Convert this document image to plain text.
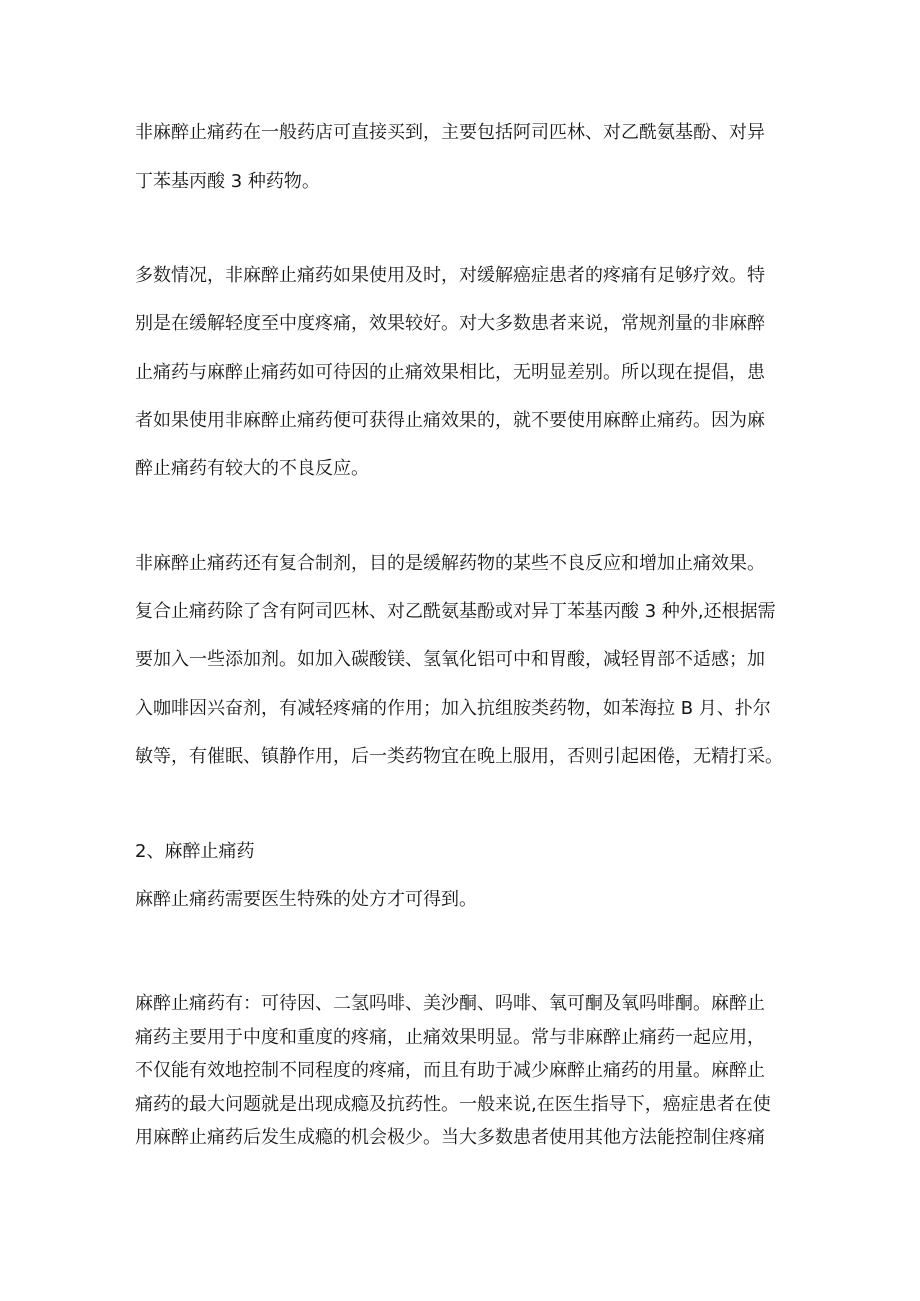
非麻醉止痛药在一般药店可直接买到，主要包括阿司匹林、对乙酰氨基酚、对异
丁苯基丙酸 3 种药物。
多数情况，非麻醉止痛药如果使用及时，对缓解癌症患者的疼痛有足够疗效。特
别是在缓解轻度至中度疼痛，效果较好。对大多数患者来说，常规剂量的非麻醉
止痛药与麻醉止痛药如可待因的止痛效果相比，无明显差别。所以现在提倡，患
者如果使用非麻醉止痛药便可获得止痛效果的，就不要使用麻醉止痛药。因为麻
醉止痛药有较大的不良反应。
非麻醉止痛药还有复合制剂，目的是缓解药物的某些不良反应和增加止痛效果。
复合止痛药除了含有阿司匹林、对乙酰氨基酚或对异丁苯基丙酸 3 种外,还根据需
要加入一些添加剂。如加入碳酸镁、氢氧化铝可中和胃酸，减轻胃部不适感；加
入咖啡因兴奋剂，有减轻疼痛的作用；加入抗组胺类药物，如苯海拉 B 月、扑尔
敏等，有催眠、镇静作用，后一类药物宜在晚上服用，否则引起困倦，无精打采。
2、麻醉止痛药
麻醉止痛药需要医生特殊的处方才可得到。
麻醉止痛药有：可待因、二氢吗啡、美沙酮、吗啡、氧可酮及氧吗啡酮。麻醉止
痛药主要用于中度和重度的疼痛，止痛效果明显。常与非麻醉止痛药一起应用，
不仅能有效地控制不同程度的疼痛，而且有助于减少麻醉止痛药的用量。麻醉止
痛药的最大问题就是出现成瘾及抗药性。一般来说,在医生指导下，癌症患者在使
用麻醉止痛药后发生成瘾的机会极少。当大多数患者使用其他方法能控制住疼痛
